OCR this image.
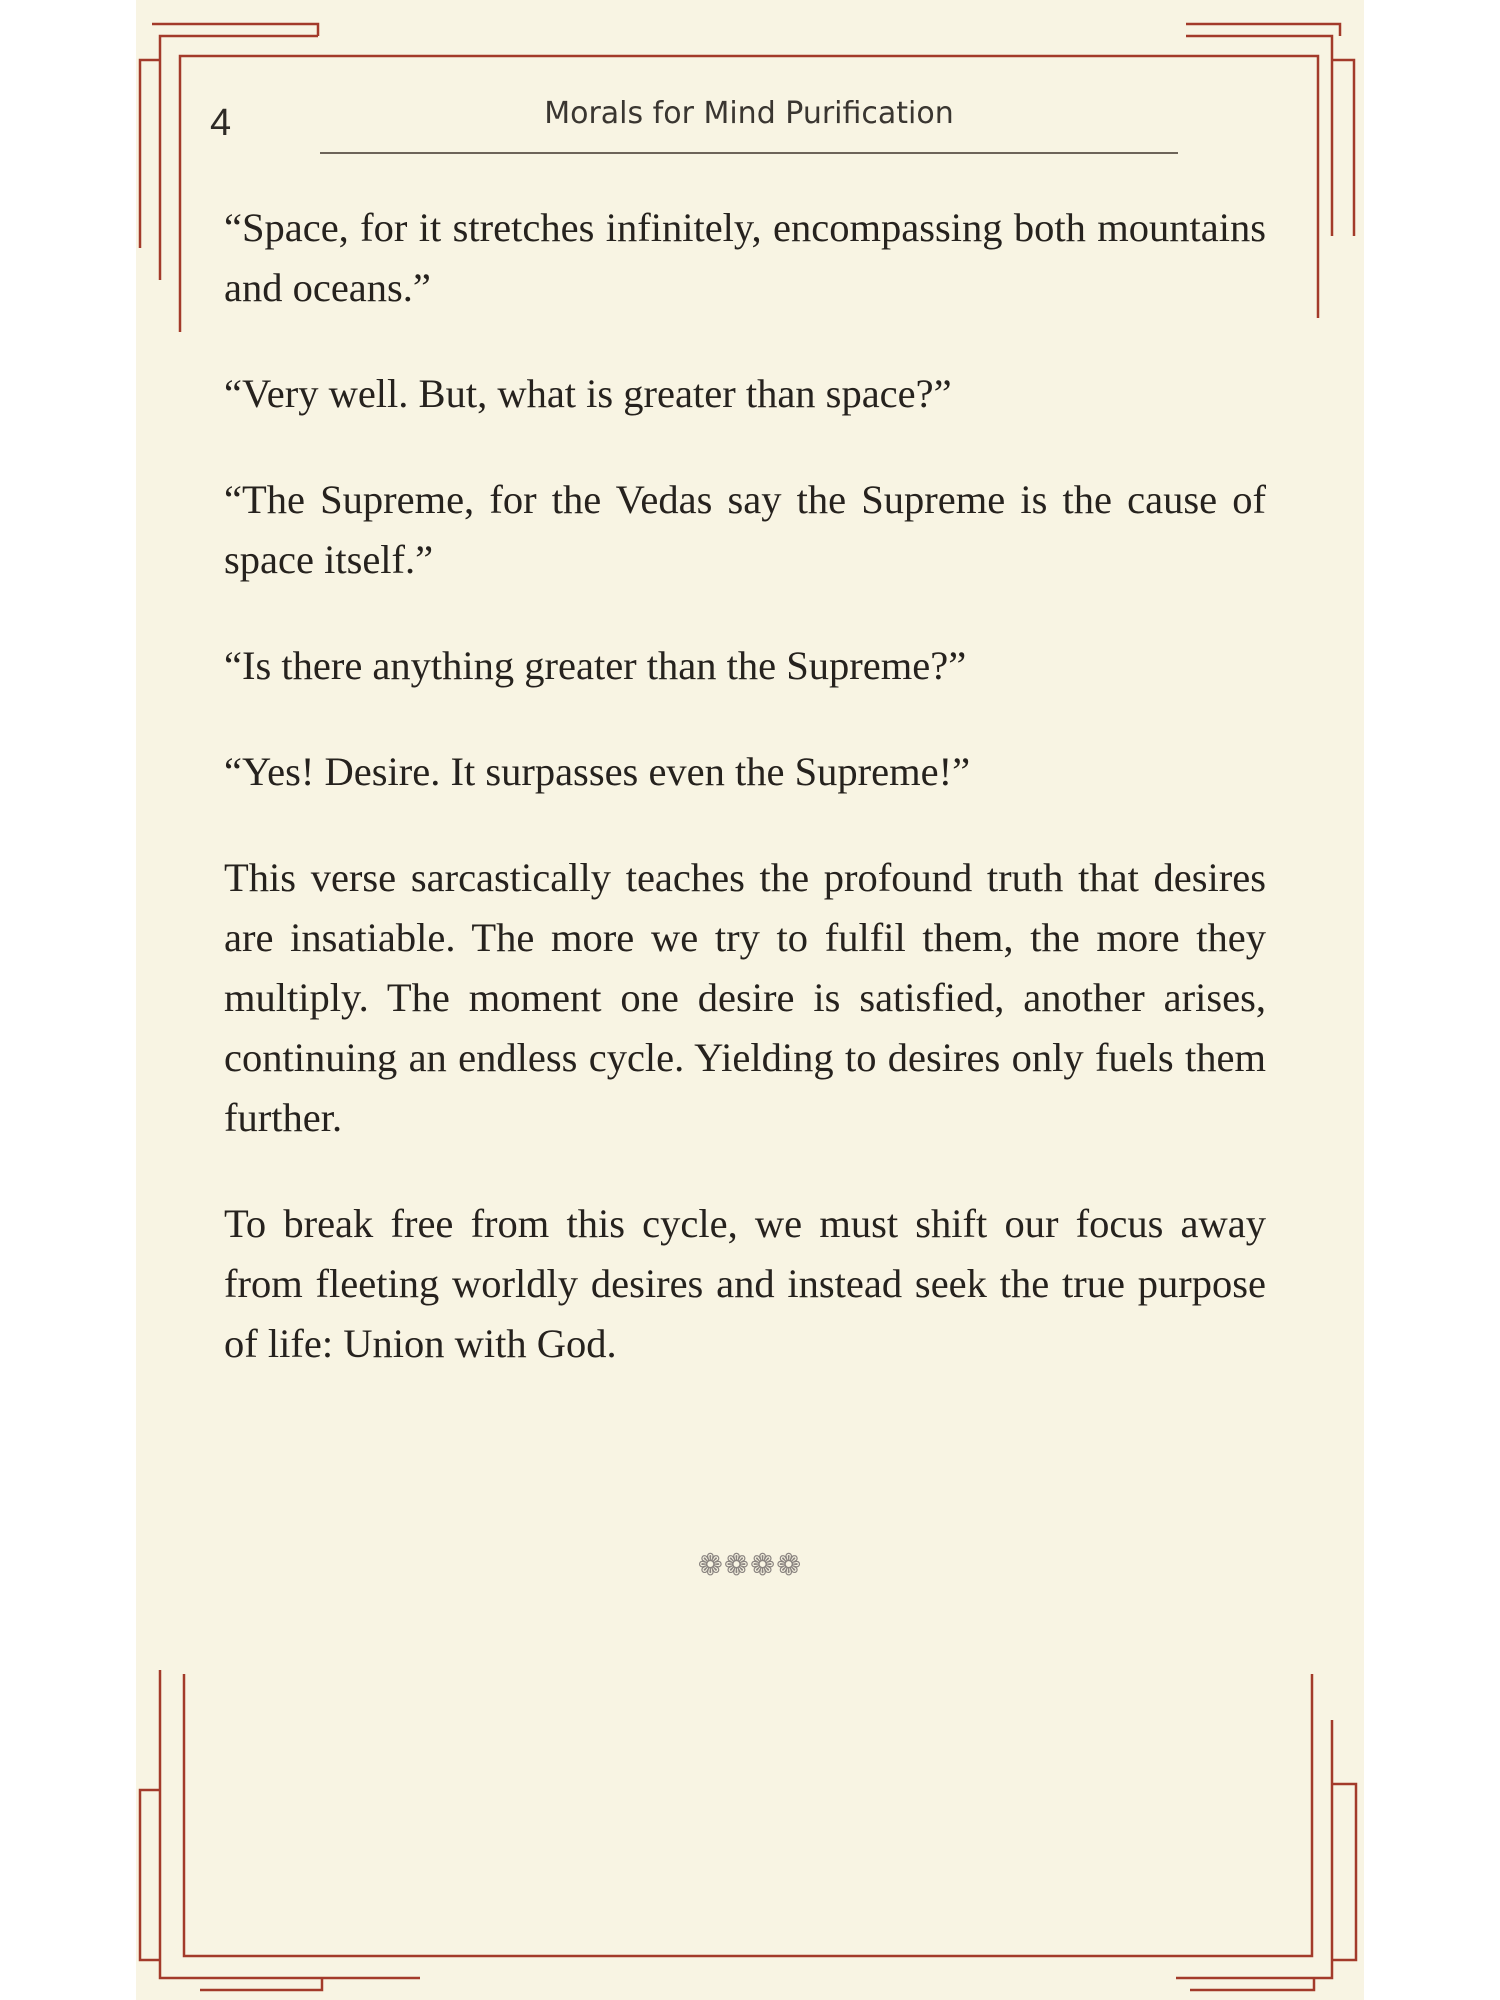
4	Morals for Mind Purification

“Space, for it stretches infinitely, encompassing both mountains and oceans.”

“Very well. But, what is greater than space?”

“The Supreme, for the Vedas say the Supreme is the cause of space itself.”

“Is there anything greater than the Supreme?”

“Yes! Desire. It surpasses even the Supreme!”

This verse sarcastically teaches the profound truth that desires are insatiable. The more we try to fulfil them, the more they multiply. The moment one desire is satisfied, another arises, continuing an endless cycle. Yielding to desires only fuels them further.

To break free from this cycle, we must shift our focus away from fleeting worldly desires and instead seek the true purpose of life: Union with God.

❁❁❁❁
